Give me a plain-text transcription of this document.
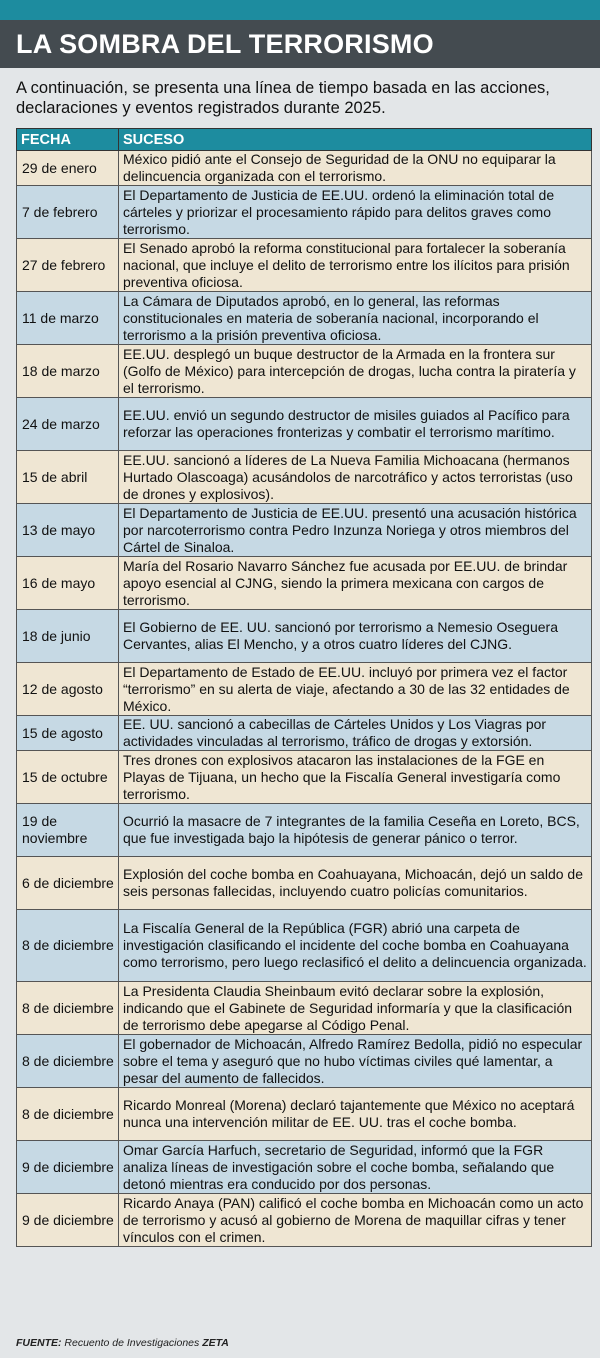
LA SOMBRA DEL TERRORISMO
A continuación, se presenta una línea de tiempo basada en las acciones, declaraciones y eventos registrados durante 2025.
FECHA	SUCESO
29 de enero	México pidió ante el Consejo de Seguridad de la ONU no equiparar la delincuencia organizada con el terrorismo.
7 de febrero	El Departamento de Justicia de EE.UU. ordenó la eliminación total de cárteles y priorizar el procesamiento rápido para delitos graves como terrorismo.
27 de febrero	El Senado aprobó la reforma constitucional para fortalecer la soberanía nacional, que incluye el delito de terrorismo entre los ilícitos para prisión preventiva oficiosa.
11 de marzo	La Cámara de Diputados aprobó, en lo general, las reformas constitucionales en materia de soberanía nacional, incorporando el terrorismo a la prisión preventiva oficiosa.
18 de marzo	EE.UU. desplegó un buque destructor de la Armada en la frontera sur (Golfo de México) para intercepción de drogas, lucha contra la piratería y el terrorismo.
24 de marzo	EE.UU. envió un segundo destructor de misiles guiados al Pacífico para reforzar las operaciones fronterizas y combatir el terrorismo marítimo.
15 de abril	EE.UU. sancionó a líderes de La Nueva Familia Michoacana (hermanos Hurtado Olascoaga) acusándolos de narcotráfico y actos terroristas (uso de drones y explosivos).
13 de mayo	El Departamento de Justicia de EE.UU. presentó una acusación histórica por narcoterrorismo contra Pedro Inzunza Noriega y otros miembros del Cártel de Sinaloa.
16 de mayo	María del Rosario Navarro Sánchez fue acusada por EE.UU. de brindar apoyo esencial al CJNG, siendo la primera mexicana con cargos de terrorismo.
18 de junio	El Gobierno de EE. UU. sancionó por terrorismo a Nemesio Oseguera Cervantes, alias El Mencho, y a otros cuatro líderes del CJNG.
12 de agosto	El Departamento de Estado de EE.UU. incluyó por primera vez el factor “terrorismo” en su alerta de viaje, afectando a 30 de las 32 entidades de México.
15 de agosto	EE. UU. sancionó a cabecillas de Cárteles Unidos y Los Viagras por actividades vinculadas al terrorismo, tráfico de drogas y extorsión.
15 de octubre	Tres drones con explosivos atacaron las instalaciones de la FGE en Playas de Tijuana, un hecho que la Fiscalía General investigaría como terrorismo.
19 de noviembre	Ocurrió la masacre de 7 integrantes de la familia Ceseña en Loreto, BCS, que fue investigada bajo la hipótesis de generar pánico o terror.
6 de diciembre	Explosión del coche bomba en Coahuayana, Michoacán, dejó un saldo de seis personas fallecidas, incluyendo cuatro policías comunitarios.
8 de diciembre	La Fiscalía General de la República (FGR) abrió una carpeta de investigación clasificando el incidente del coche bomba en Coahuayana como terrorismo, pero luego reclasificó el delito a delincuencia organizada.
8 de diciembre	La Presidenta Claudia Sheinbaum evitó declarar sobre la explosión, indicando que el Gabinete de Seguridad informaría y que la clasificación de terrorismo debe apegarse al Código Penal.
8 de diciembre	El gobernador de Michoacán, Alfredo Ramírez Bedolla, pidió no especular sobre el tema y aseguró que no hubo víctimas civiles qué lamentar, a pesar del aumento de fallecidos.
8 de diciembre	Ricardo Monreal (Morena) declaró tajantemente que México no aceptará nunca una intervención militar de EE. UU. tras el coche bomba.
9 de diciembre	Omar García Harfuch, secretario de Seguridad, informó que la FGR analiza líneas de investigación sobre el coche bomba, señalando que detonó mientras era conducido por dos personas.
9 de diciembre	Ricardo Anaya (PAN) calificó el coche bomba en Michoacán como un acto de terrorismo y acusó al gobierno de Morena de maquillar cifras y tener vínculos con el crimen.
FUENTE: Recuento de Investigaciones ZETA
